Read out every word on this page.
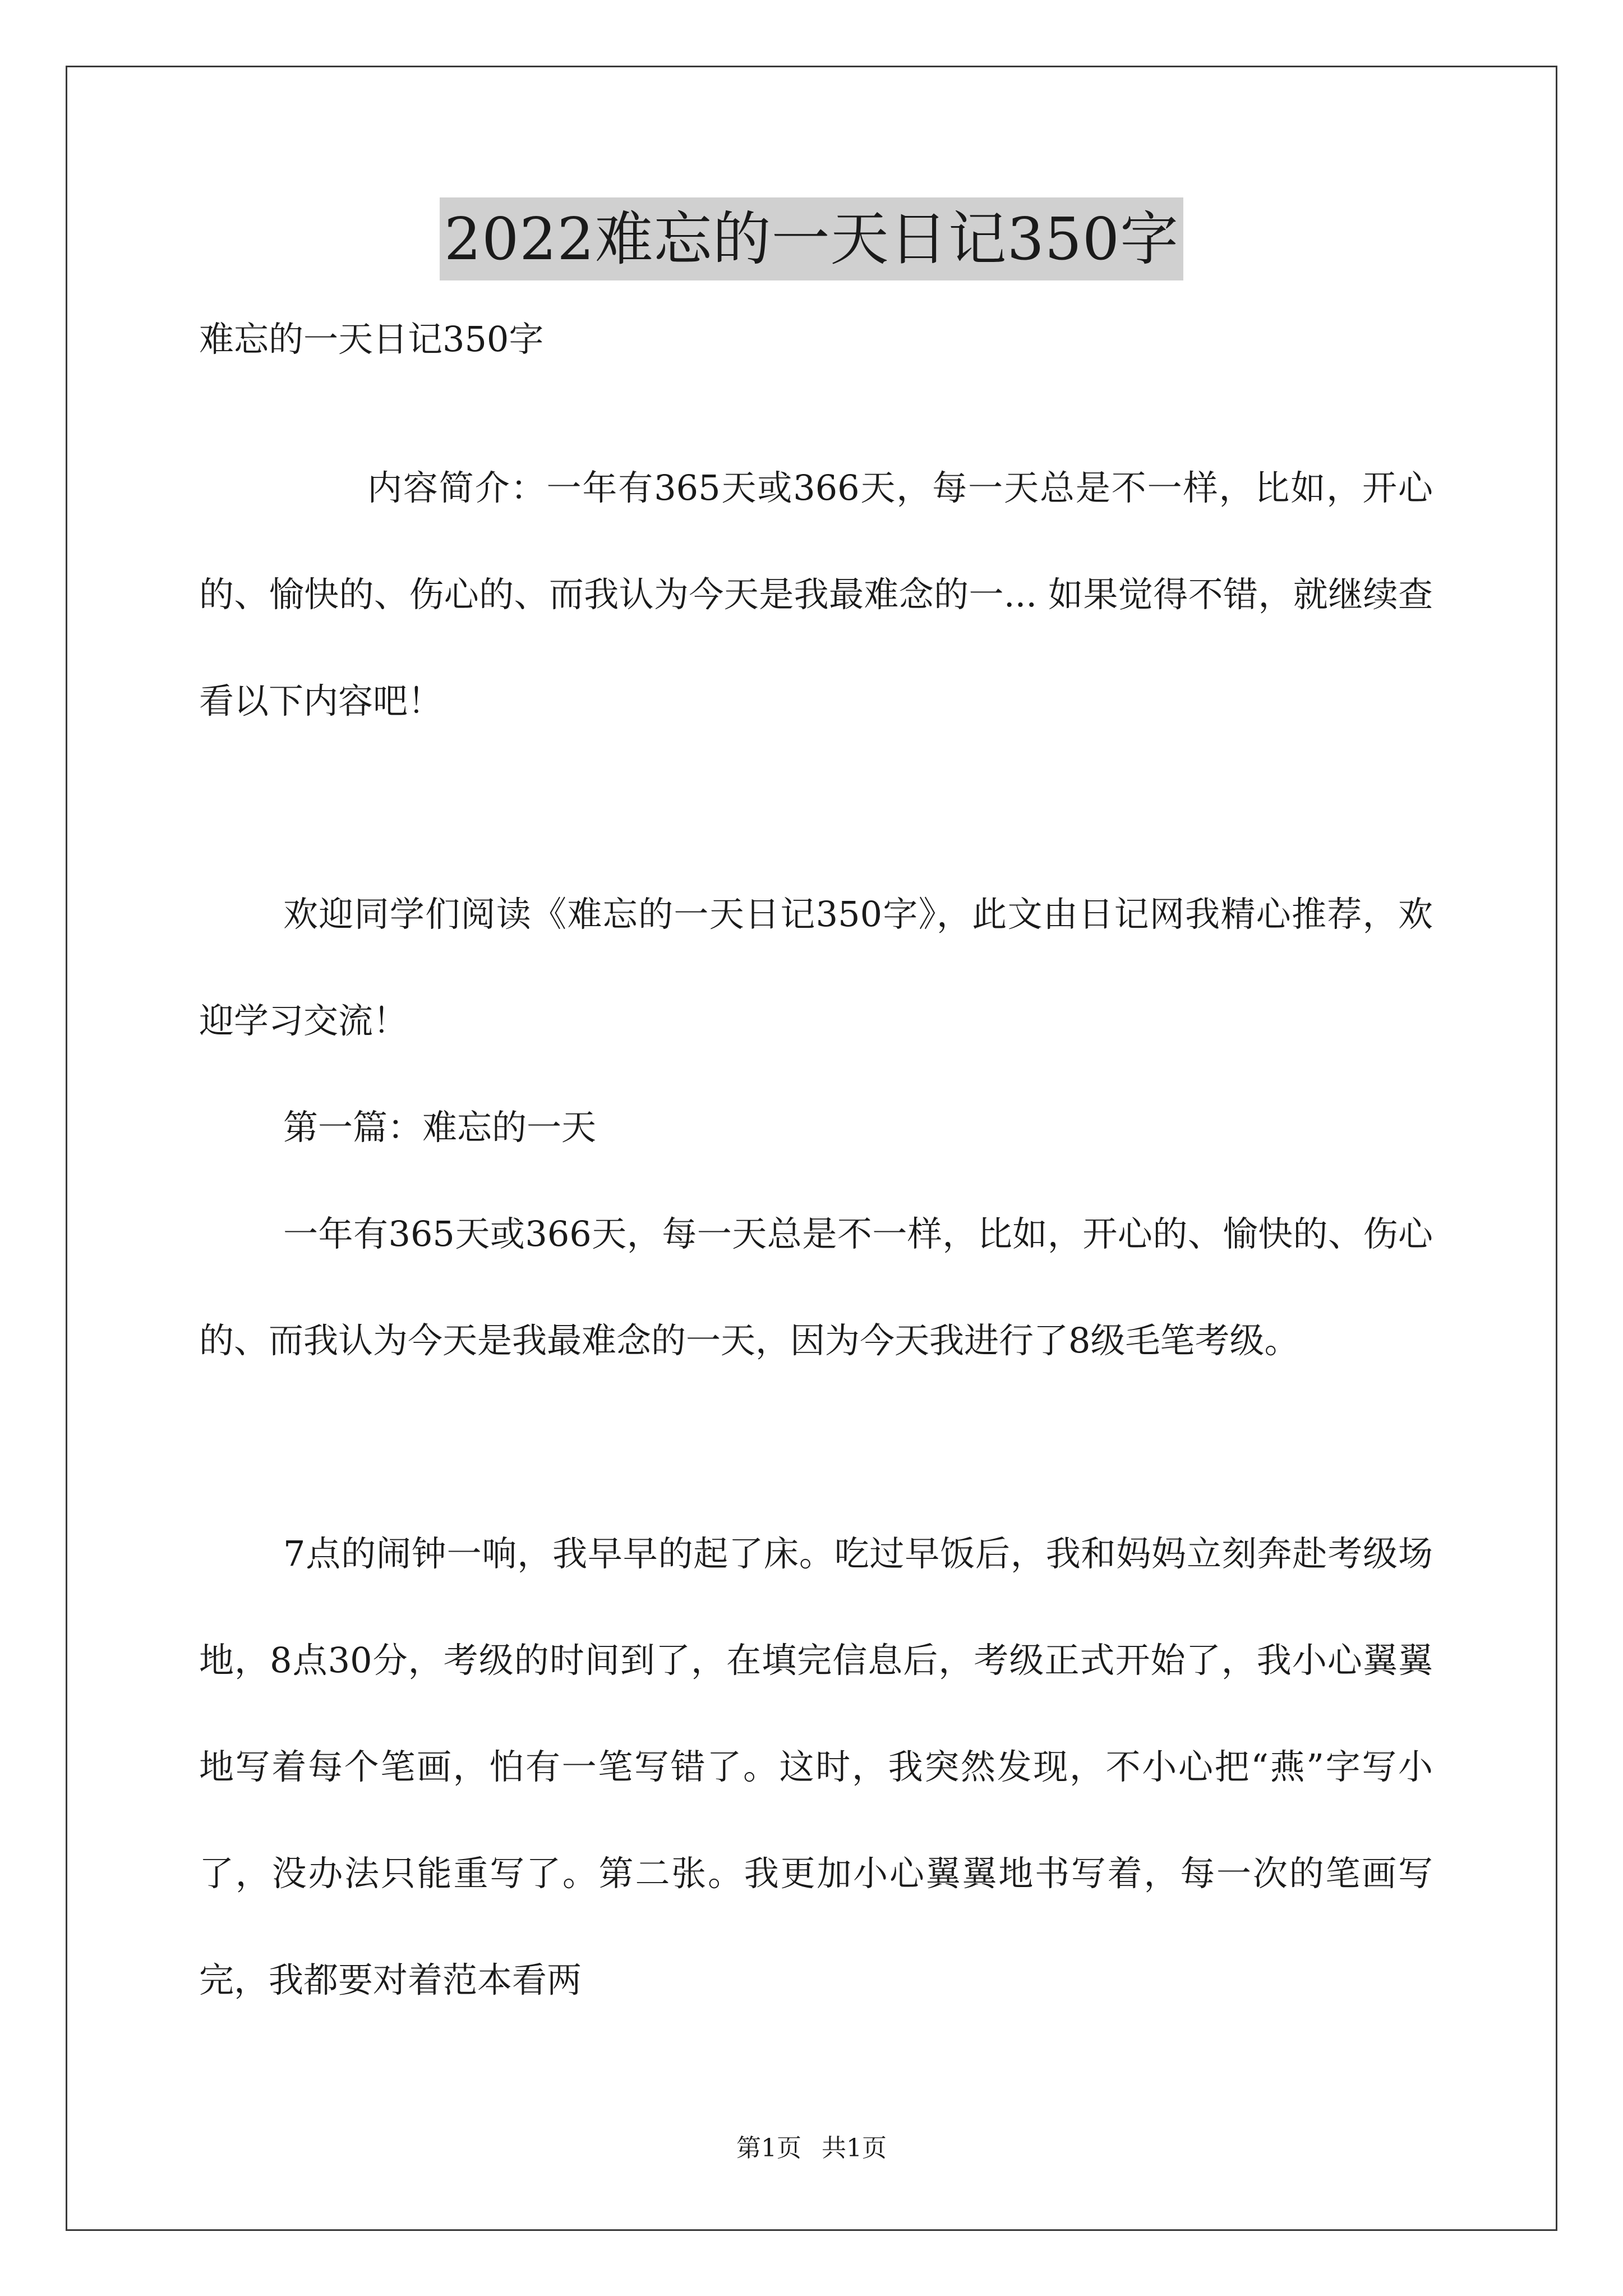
2022难忘的一天日记350字

难忘的一天日记350字

内容简介：一年有365天或366天，每一天总是不一样，比如，开心的、愉快的、伤心的、而我认为今天是我最难念的一... 如果觉得不错，就继续查看以下内容吧！

欢迎同学们阅读《难忘的一天日记350字》，此文由日记网我精心推荐，欢迎学习交流！

第一篇：难忘的一天

一年有365天或366天，每一天总是不一样，比如，开心的、愉快的、伤心的、而我认为今天是我最难念的一天，因为今天我进行了8级毛笔考级。

7点的闹钟一响，我早早的起了床。吃过早饭后，我和妈妈立刻奔赴考级场地，8点30分，考级的时间到了，在填完信息后，考级正式开始了，我小心翼翼地写着每个笔画，怕有一笔写错了。这时，我突然发现，不小心把“燕”字写小了，没办法只能重写了。第二张。我更加小心翼翼地书写着，每一次的笔画写完，我都要对着范本看两

第1页 共1页
